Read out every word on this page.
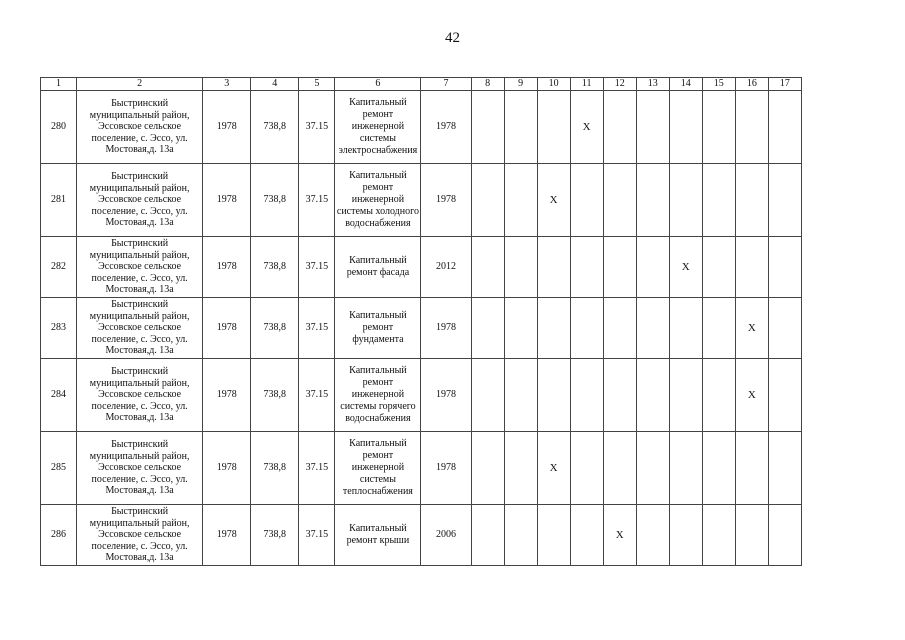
42
1	2	3	4	5	6	7	8	9	10	11	12	13	14	15	16	17
280	Быстринский муниципальный район, Эссовское сельское поселение, с. Эссо, ул. Мостовая,д. 13а	1978	738,8	37.15	Капитальный ремонт инженерной системы электроснабжения	1978				X						
281	Быстринский муниципальный район, Эссовское сельское поселение, с. Эссо, ул. Мостовая,д. 13а	1978	738,8	37.15	Капитальный ремонт инженерной системы холодного водоснабжения	1978			X							
282	Быстринский муниципальный район, Эссовское сельское поселение, с. Эссо, ул. Мостовая,д. 13а	1978	738,8	37.15	Капитальный ремонт фасада	2012							X			
283	Быстринский муниципальный район, Эссовское сельское поселение, с. Эссо, ул. Мостовая,д. 13а	1978	738,8	37.15	Капитальный ремонт фундамента	1978									X	
284	Быстринский муниципальный район, Эссовское сельское поселение, с. Эссо, ул. Мостовая,д. 13а	1978	738,8	37.15	Капитальный ремонт инженерной системы горячего водоснабжения	1978									X	
285	Быстринский муниципальный район, Эссовское сельское поселение, с. Эссо, ул. Мостовая,д. 13а	1978	738,8	37.15	Капитальный ремонт инженерной системы теплоснабжения	1978			X							
286	Быстринский муниципальный район, Эссовское сельское поселение, с. Эссо, ул. Мостовая,д. 13а	1978	738,8	37.15	Капитальный ремонт крыши	2006					X					
